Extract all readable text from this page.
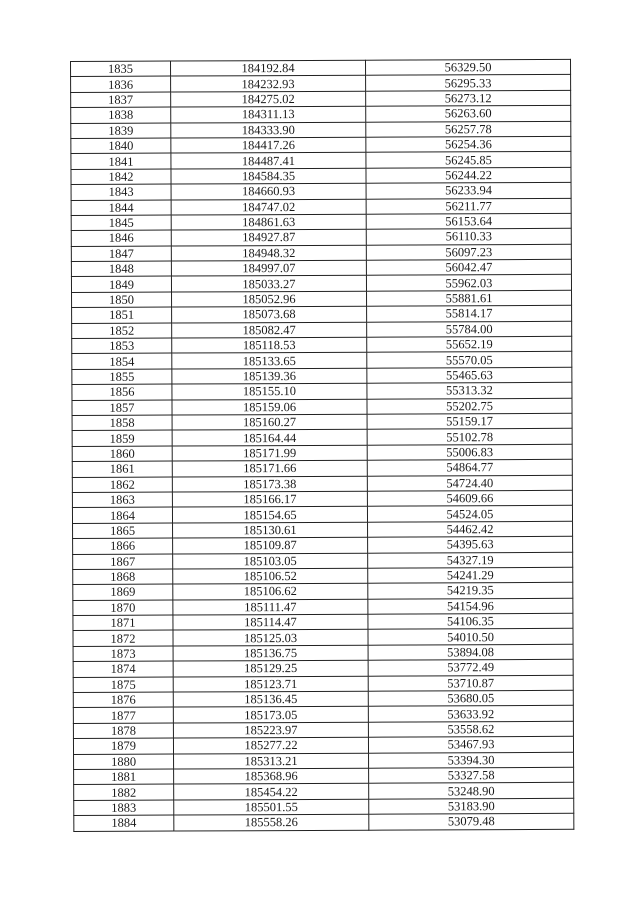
1835	184192.84	56329.50
1836	184232.93	56295.33
1837	184275.02	56273.12
1838	184311.13	56263.60
1839	184333.90	56257.78
1840	184417.26	56254.36
1841	184487.41	56245.85
1842	184584.35	56244.22
1843	184660.93	56233.94
1844	184747.02	56211.77
1845	184861.63	56153.64
1846	184927.87	56110.33
1847	184948.32	56097.23
1848	184997.07	56042.47
1849	185033.27	55962.03
1850	185052.96	55881.61
1851	185073.68	55814.17
1852	185082.47	55784.00
1853	185118.53	55652.19
1854	185133.65	55570.05
1855	185139.36	55465.63
1856	185155.10	55313.32
1857	185159.06	55202.75
1858	185160.27	55159.17
1859	185164.44	55102.78
1860	185171.99	55006.83
1861	185171.66	54864.77
1862	185173.38	54724.40
1863	185166.17	54609.66
1864	185154.65	54524.05
1865	185130.61	54462.42
1866	185109.87	54395.63
1867	185103.05	54327.19
1868	185106.52	54241.29
1869	185106.62	54219.35
1870	185111.47	54154.96
1871	185114.47	54106.35
1872	185125.03	54010.50
1873	185136.75	53894.08
1874	185129.25	53772.49
1875	185123.71	53710.87
1876	185136.45	53680.05
1877	185173.05	53633.92
1878	185223.97	53558.62
1879	185277.22	53467.93
1880	185313.21	53394.30
1881	185368.96	53327.58
1882	185454.22	53248.90
1883	185501.55	53183.90
1884	185558.26	53079.48
